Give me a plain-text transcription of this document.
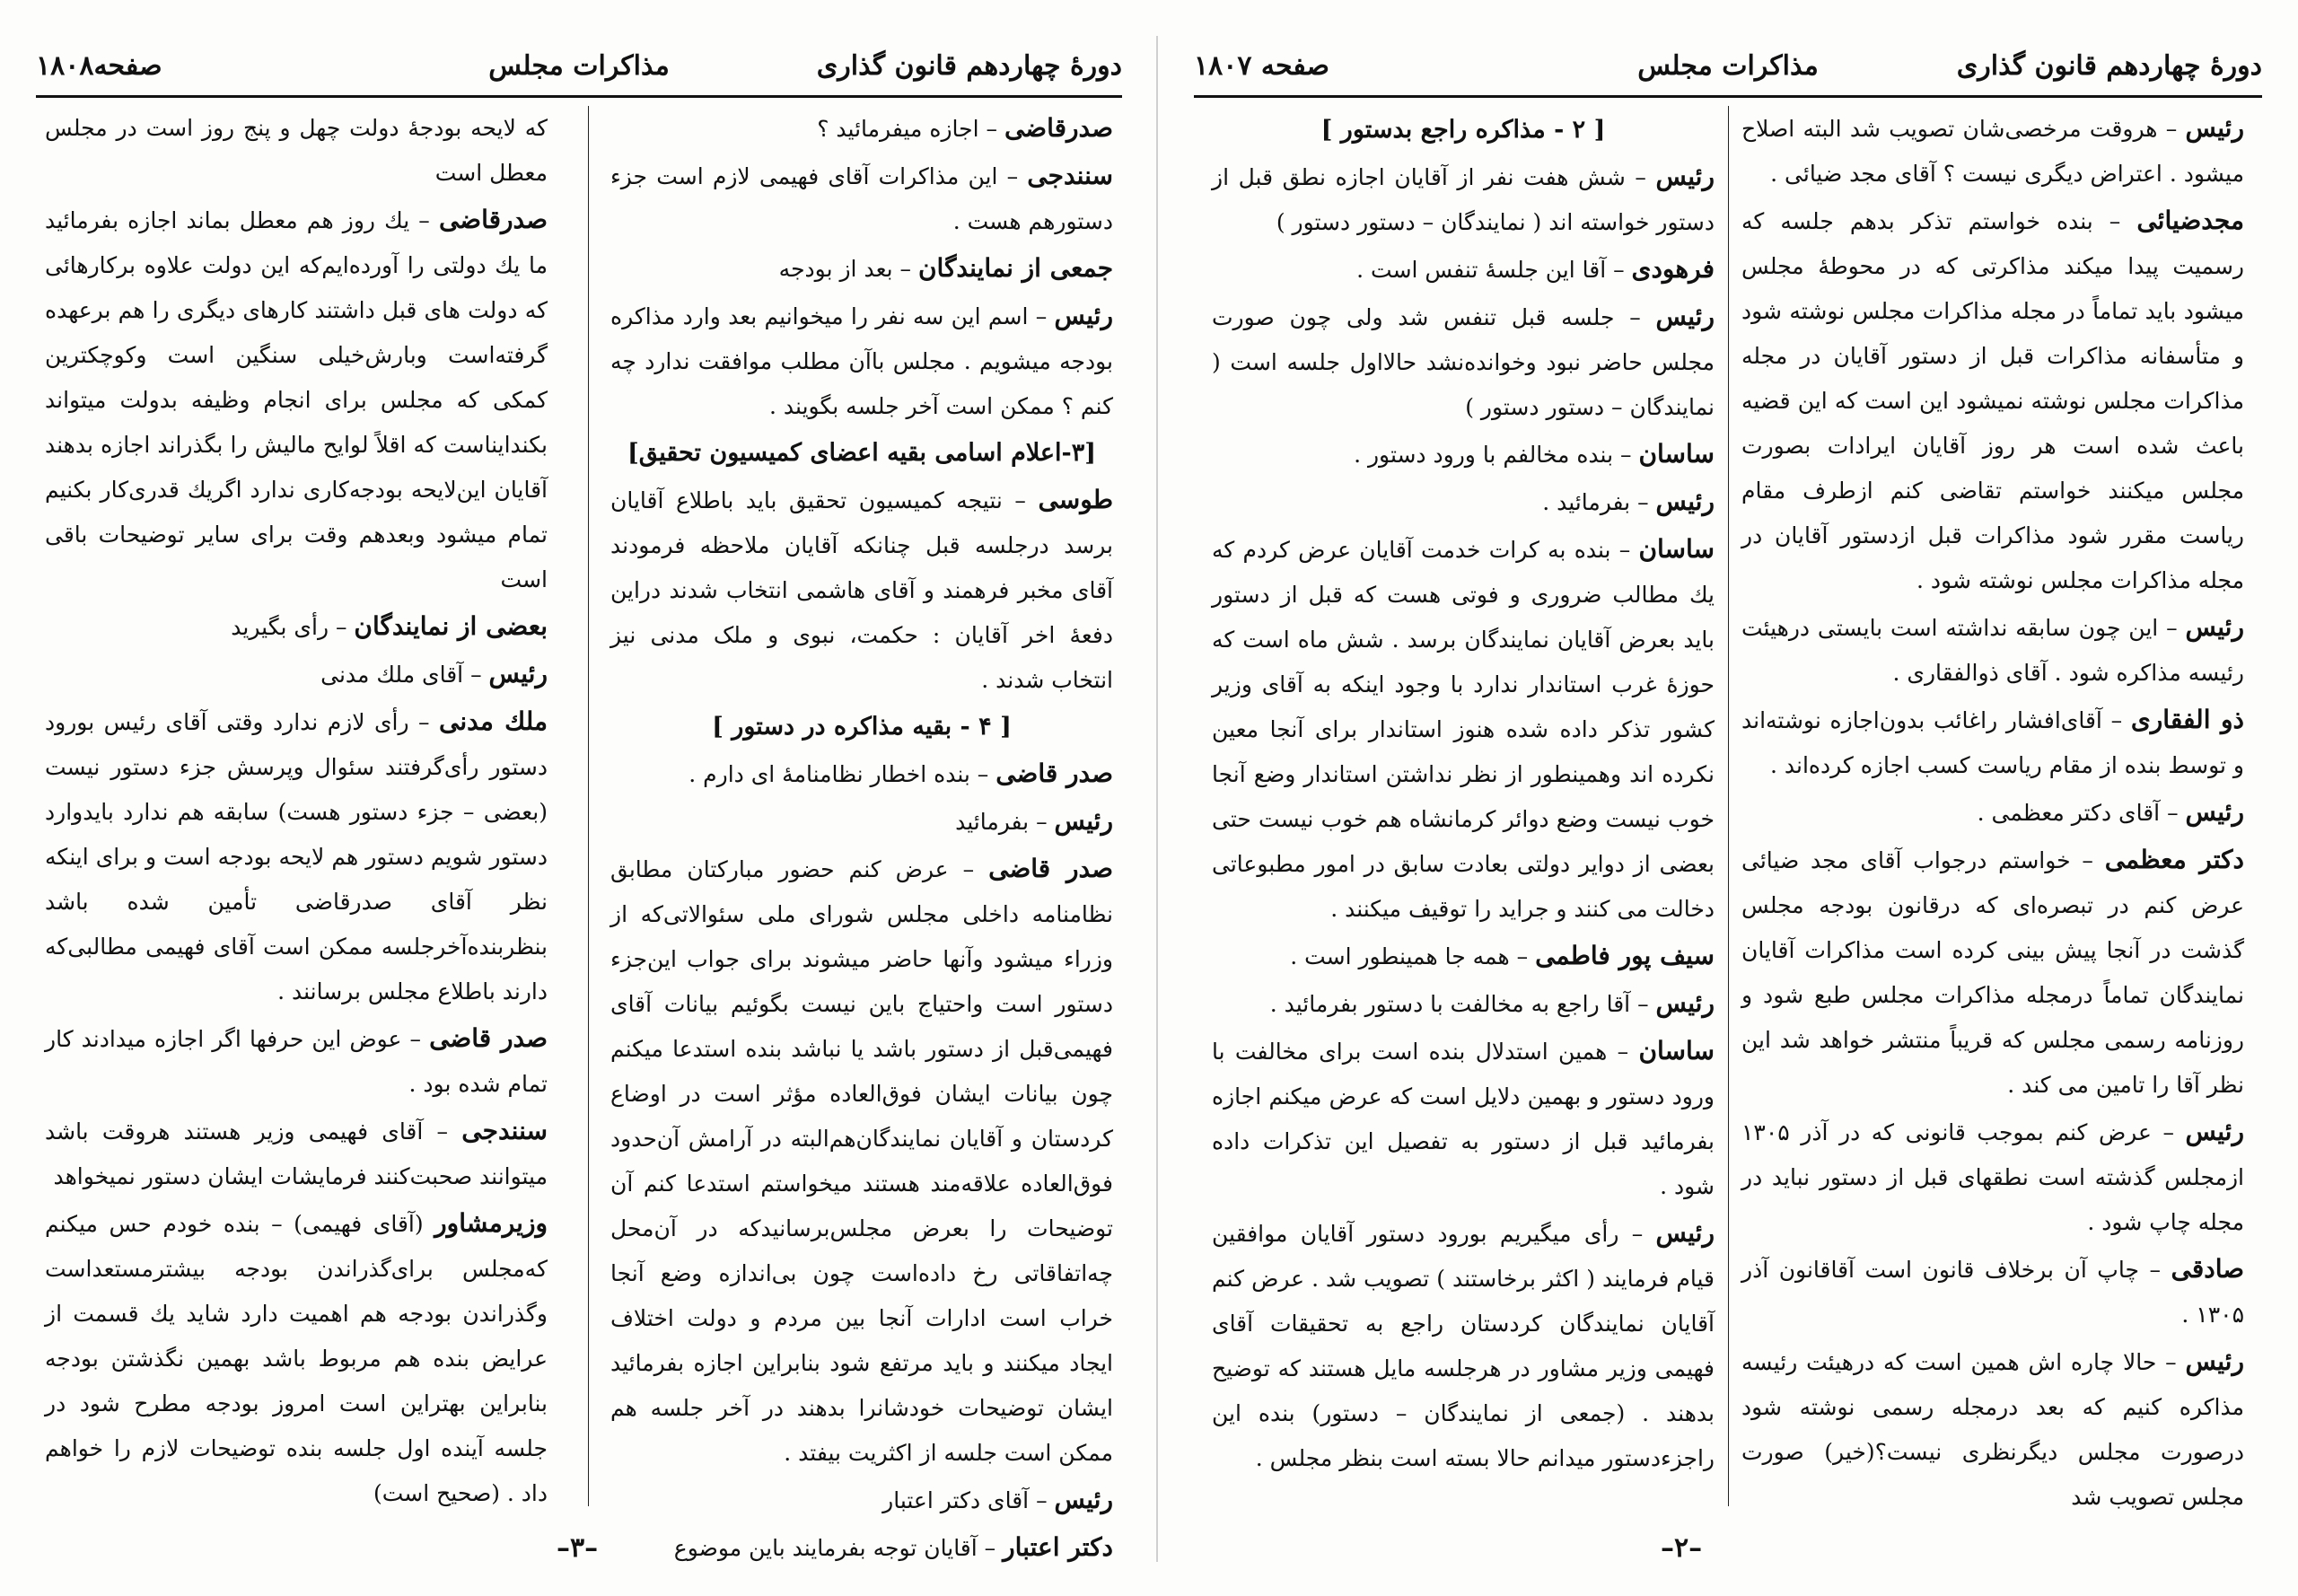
دورهٔ چهاردهم قانون گذاری
مذاکرات مجلس
صفحه۱۸۰۸
صدرقاضی – اجازه میفرمائید ؟
سنندجی – این مذاکرات آقای فهیمی لازم است جزء دستورهم هست .
جمعی از نمایندگان – بعد از بودجه
رئیس – اسم این سه نفر را میخوانیم بعد وارد مذاکره بودجه میشویم . مجلس باآن مطلب موافقت ندارد چه کنم ؟ ممکن است آخر جلسه بگویند .
[۳-اعلام اسامی بقیه اعضای کمیسیون تحقیق]
طوسی – نتیجه کمیسیون تحقیق باید باطلاع آقایان برسد درجلسه قبل چنانکه آقایان ملاحظه فرمودند آقای مخبر فرهمند و آقای هاشمی انتخاب شدند دراین دفعهٔ اخر آقایان : حکمت، نبوی و ملک مدنی نیز انتخاب شدند .
[ ۴ - بقیه مذاکره در دستور ]
صدر قاضی – بنده اخطار نظامنامهٔ ای دارم .
رئیس – بفرمائید
صدر قاضی – عرض کنم حضور مبارکتان مطابق نظامنامه داخلی مجلس شورای ملی سئوالاتی‌که از وزراء میشود وآنها حاضر میشوند برای جواب این‌جزء دستور است واحتیاج باین نیست بگوئیم بیانات آقای فهیمی‌قبل از دستور باشد یا نباشد بنده استدعا میکنم چون بیانات ایشان فوق‌العاده مؤثر است در اوضاع کردستان و آقایان نمایندگان‌هم‌البته در آرامش آن‌حدود فوق‌العاده علاقه‌مند هستند میخواستم استدعا کنم آن توضیحات را بعرض مجلس‌برسانید‌که در آن‌محل چه‌اتفاقاتی رخ داده‌است چون بی‌اندازه وضع آنجا خراب است ادارات آنجا بین مردم و دولت اختلاف ایجاد میکنند و باید مرتفع شود بنابراین اجازه بفرمائید ایشان توضیحات خودشانرا بدهند در آخر جلسه هم ممکن است جلسه از اکثریت بیفتد .
رئیس – آقای دکتر اعتبار
دکتر اعتبار – آقایان توجه بفرمایند باین موضوع
که لایحه بودجهٔ دولت چهل و پنج روز است در مجلس معطل است
صدرقاضی – یك روز هم معطل بماند اجازه بفرمائید ما یك دولتی را آورده‌ایم‌که این دولت علاوه برکارهائی که دولت های قبل داشتند کارهای دیگری را هم برعهده گرفته‌است وبارش‌خیلی سنگین است وکوچکترین کمکی که مجلس برای انجام وظیفه بدولت میتواند بکندایناست که اقلاً لوایح مالیش را بگذراند اجازه بدهند آقایان این‌لایحه بودجه‌کاری ندارد اگریك قدری‌کار بکنیم تمام میشود وبعدهم وقت برای سایر توضیحات باقی است
بعضی از نمایندگان – رأی بگیرید
رئیس – آقای ملك مدنی
ملك مدنی – رأی لازم ندارد وقتی آقای رئیس بورود دستور رأی‌گرفتند سئوال وپرسش جزء دستور نیست (بعضی – جزء دستور هست) سابقه هم ندارد بایدوارد دستور شویم دستور هم لایحه بودجه است و برای اینکه نظر آقای صدرقاضی تأمین شده باشد بنظربنده‌آخر‌جلسه ممکن است آقای فهیمی مطالبی‌که دارند باطلاع مجلس برسانند .
صدر قاضی – عوض این حرفها اگر اجازه میدادند کار تمام شده بود .
سنندجی – آقای فهیمی وزیر هستند هروقت باشد میتوانند صحبت‌کنند فرمایشات ایشان دستور نمیخواهد
وزیرمشاور (آقای فهیمی) – بنده خودم حس میکنم که‌مجلس برای‌گذراندن بودجه بیشترمستعداست وگذراندن بودجه هم اهمیت دارد شاید یك قسمت از عرایض بنده هم مربوط باشد بهمین نگذشتن بودجه بنابراین بهتراین است امروز بودجه مطرح شود در جلسه آینده اول جلسه بنده توضیحات لازم را خواهم داد . (صحیح است)
–۳–
دورهٔ چهاردهم قانون گذاری
مذاکرات مجلس
صفحه ۱۸۰۷
رئیس – هروقت مرخصی‌شان تصویب شد البته اصلاح میشود . اعتراض دیگری نیست ؟ آقای مجد ضیائی .
مجدضیائی – بنده خواستم تذکر بدهم جلسه که رسمیت پیدا میکند مذاکرتی که در محوطهٔ مجلس میشود باید تماماً در مجله مذاکرات مجلس نوشته شود و متأسفانه مذاکرات قبل از دستور آقایان در مجله مذاکرات مجلس نوشته نمیشود این است که این قضیه باعث شده است هر روز آقایان ایرادات بصورت مجلس میکنند خواستم تقاضی کنم ازطرف مقام ریاست مقرر شود مذاکرات قبل ازدستور آقایان در مجله مذاکرات مجلس نوشته شود .
رئیس – این چون سابقه نداشته است بایستی درهیئت رئیسه مذاکره شود . آقای ذوالفقاری .
ذو الفقاری – آقای‌افشار راغائب بدون‌اجازه نوشته‌اند و توسط بنده از مقام ریاست کسب اجازه کرده‌اند .
رئیس – آقای دکتر معظمی .
دکتر معظمی – خواستم درجواب آقای مجد ضیائی عرض کنم در تبصره‌ای که درقانون بودجه مجلس گذشت در آنجا پیش بینی کرده است مذاکرات آقایان نمایندگان تماماً درمجله مذاکرات مجلس طبع شود و روزنامه رسمی مجلس که قریباً منتشر خواهد شد این نظر آقا را تامین می کند .
رئیس – عرض کنم بموجب قانونی که در آذر ۱۳۰۵ ازمجلس گذشته است نطقهای قبل از دستور نباید در مجله چاپ شود .
صادقی – چاپ آن برخلاف قانون است آقاقانون آذر ۱۳۰۵ .
رئیس – حالا چاره اش همین است که درهیئت رئیسه مذاکره کنیم که بعد درمجله رسمی نوشته شود درصورت مجلس دیگرنظری نیست؟(خیر) صورت مجلس تصویب شد
[ ۲ - مذاکره راجع بدستور ]
رئیس – شش هفت نفر از آقایان اجازه نطق قبل از دستور خواسته اند ( نمایندگان – دستور دستور )
فرهودی – آقا این جلسهٔ تنفس است .
رئیس – جلسه قبل تنفس شد ولی چون صورت مجلس حاضر نبود وخوانده‌نشد حالااول جلسه است ( نمایندگان – دستور دستور )
ساسان – بنده مخالفم با ورود دستور .
رئیس – بفرمائید .
ساسان – بنده به کرات خدمت آقایان عرض کردم که يك مطالب ضروری و فوتی هست که قبل از دستور باید بعرض آقایان نمایندگان برسد . شش ماه است که حوزهٔ غرب استاندار ندارد با وجود اینکه به آقای وزیر کشور تذکر داده شده هنوز استاندار برای آنجا معین نکرده اند وهمینطور از نظر نداشتن استاندار وضع آنجا خوب نیست وضع دوائر کرمانشاه هم خوب نیست حتی بعضی از دوایر دولتی بعادت سابق در امور مطبوعاتی دخالت می کنند و جراید را توقیف میکنند .
سیف پور فاطمی – همه جا همینطور است .
رئیس – آقا راجع به مخالفت با دستور بفرمائید .
ساسان – همین استدلال بنده است برای مخالفت با ورود دستور و بهمین دلایل است که عرض میکنم اجازه بفرمائید قبل از دستور به تفصیل این تذکرات داده شود .
رئیس – رأی میگیریم بورود دستور آقایان موافقین قیام فرمایند ( اکثر برخاستند ) تصویب شد . عرض کنم آقایان نمایندگان کردستان راجع به تحقیقات آقای فهیمی وزیر مشاور در هرجلسه مایل هستند که توضیح بدهند . (جمعی از نمایندگان – دستور) بنده این راجزءدستور میدانم حالا بسته است بنظر مجلس .
–۲–
